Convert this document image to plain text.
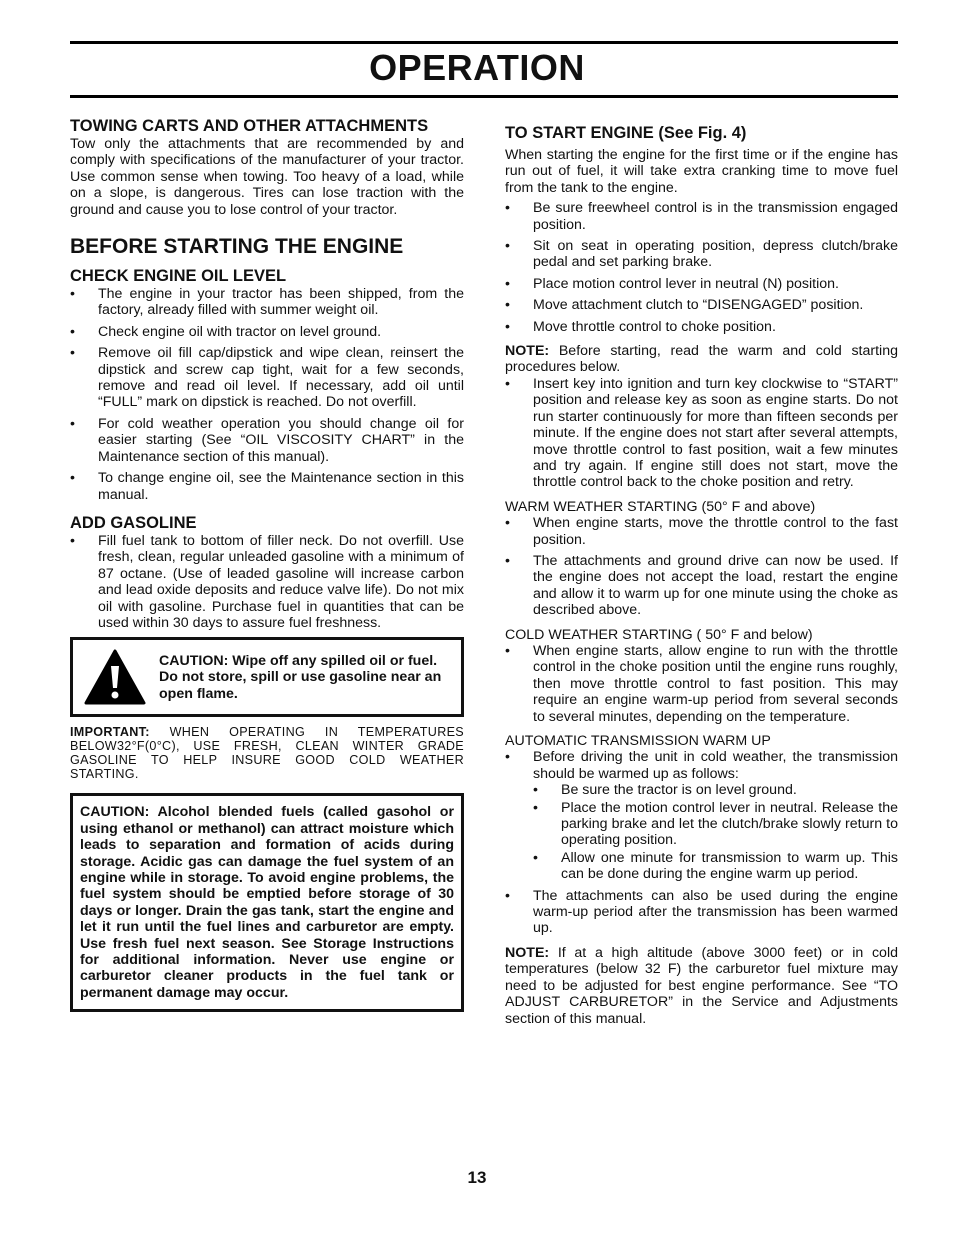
OPERATION
TOWING CARTS AND OTHER ATTACHMENTS

Tow only the attachments that are recommended by and comply with specifications of the manufacturer of your tractor. Use common sense when towing. Too heavy of a load, while on a slope, is dangerous. Tires can lose traction with the ground and cause you to lose control of your tractor.

BEFORE STARTING THE ENGINE
CHECK ENGINE OIL LEVEL
• The engine in your tractor has been shipped, from the factory, already filled with summer weight oil.
• Check engine oil with tractor on level ground.
• Remove oil fill cap/dipstick and wipe clean, reinsert the dipstick and screw cap tight, wait for a few seconds, remove and read oil level. If necessary, add oil until “FULL” mark on dipstick is reached. Do not overfill.
• For cold weather operation you should change oil for easier starting (See “OIL VISCOSITY CHART” in the Maintenance section of this manual).
• To change engine oil, see the Maintenance section in this manual.
ADD GASOLINE
• Fill fuel tank to bottom of filler neck. Do not overfill. Use fresh, clean, regular unleaded gasoline with a minimum of 87 octane. (Use of leaded gasoline will increase carbon and lead oxide deposits and reduce valve life). Do not mix oil with gasoline. Purchase fuel in quantities that can be used within 30 days to assure fuel freshness.
CAUTION: Wipe off any spilled oil or fuel. Do not store, spill or use gasoline near an open flame.

IMPORTANT: WHEN OPERATING IN TEMPERATURES BELOW32°F(0°C), USE FRESH, CLEAN WINTER GRADE GASOLINE TO HELP INSURE GOOD COLD WEATHER STARTING.

CAUTION: Alcohol blended fuels (called gasohol or using ethanol or methanol) can attract moisture which leads to separation and formation of acids during storage. Acidic gas can damage the fuel system of an engine while in storage. To avoid engine problems, the fuel system should be emptied before storage of 30 days or longer. Drain the gas tank, start the engine and let it run until the fuel lines and carburetor are empty. Use fresh fuel next season. See Storage Instructions for additional information. Never use engine or carburetor cleaner products in the fuel tank or permanent damage may occur.
TO START ENGINE (See Fig. 4)

When starting the engine for the first time or if the engine has run out of fuel, it will take extra cranking time to move fuel from the tank to the engine.

• Be sure freewheel control is in the transmission engaged position.
• Sit on seat in operating position, depress clutch/brake pedal and set parking brake.
• Place motion control lever in neutral (N) position.
• Move attachment clutch to “DISENGAGED” position.
• Move throttle control to choke position.

NOTE: Before starting, read the warm and cold starting procedures below.

• Insert key into ignition and turn key clockwise to “START” position and release key as soon as engine starts. Do not run starter continuously for more than fifteen seconds per minute. If the engine does not start after several attempts, move throttle control to fast position, wait a few minutes and try again. If engine still does not start, move the throttle control back to the choke position and retry.

WARM WEATHER STARTING (50° F and above)

• When engine starts, move the throttle control to the fast position.
• The attachments and ground drive can now be used. If the engine does not accept the load, restart the engine and allow it to warm up for one minute using the choke as described above.

COLD WEATHER STARTING ( 50° F and below)

• When engine starts, allow engine to run with the throttle control in the choke position until the engine runs roughly, then move throttle control to fast position. This may require an engine warm-up period from several seconds to several minutes, depending on the temperature.

AUTOMATIC TRANSMISSION WARM UP

• Before driving the unit in cold weather, the transmission should be warmed up as follows:
• Be sure the tractor is on level ground.
• Place the motion control lever in neutral. Release the parking brake and let the clutch/brake slowly return to operating position.
• Allow one minute for transmission to warm up. This can be done during the engine warm up period.
• The attachments can also be used during the engine warm-up period after the transmission has been warmed up.

NOTE: If at a high altitude (above 3000 feet) or in cold temperatures (below 32 F) the carburetor fuel mixture may need to be adjusted for best engine performance. See “TO ADJUST CARBURETOR” in the Service and Adjustments section of this manual.

13
